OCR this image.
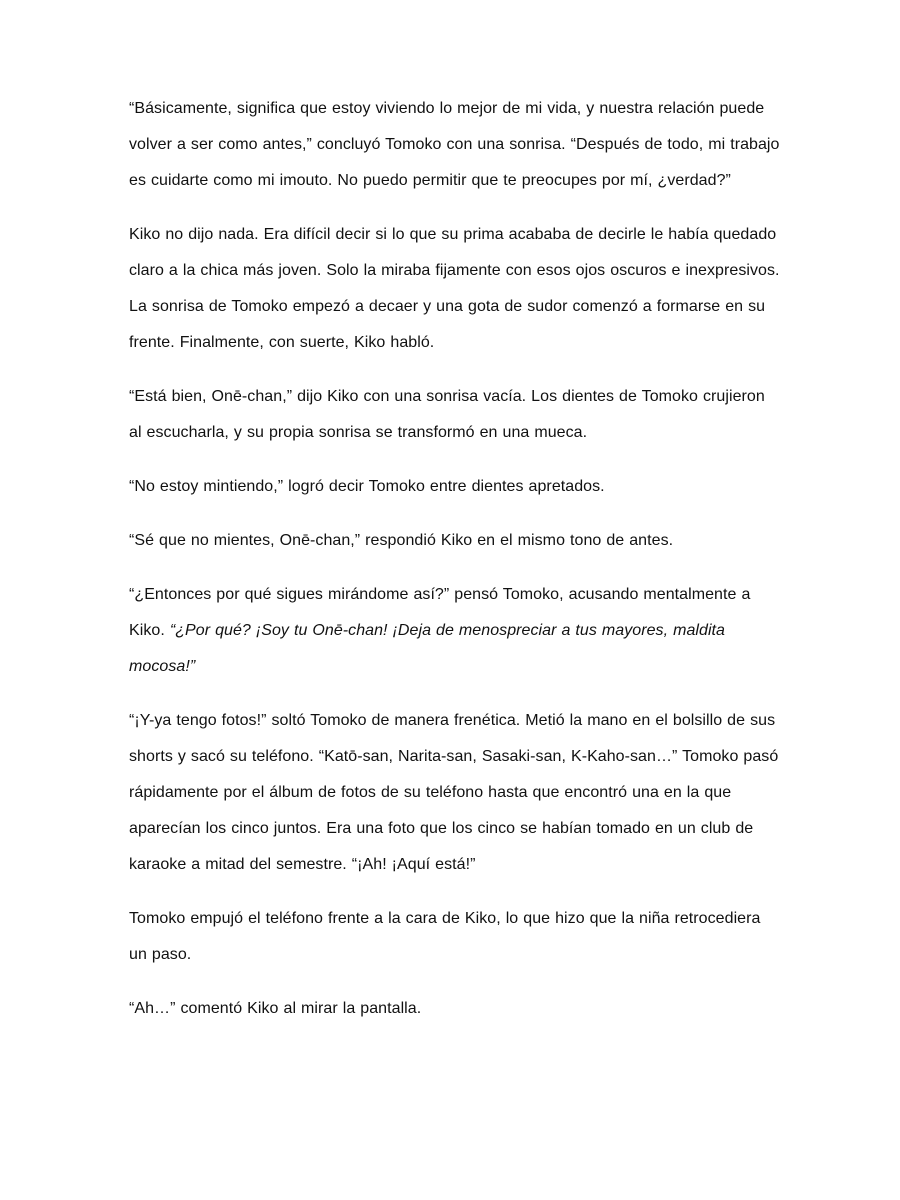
“Básicamente, significa que estoy viviendo lo mejor de mi vida, y nuestra relación puede volver a ser como antes,” concluyó Tomoko con una sonrisa. “Después de todo, mi trabajo es cuidarte como mi imouto. No puedo permitir que te preocupes por mí, ¿verdad?”

Kiko no dijo nada. Era difícil decir si lo que su prima acababa de decirle le había quedado claro a la chica más joven. Solo la miraba fijamente con esos ojos oscuros e inexpresivos. La sonrisa de Tomoko empezó a decaer y una gota de sudor comenzó a formarse en su frente. Finalmente, con suerte, Kiko habló.

“Está bien, Onē-chan,” dijo Kiko con una sonrisa vacía. Los dientes de Tomoko crujieron al escucharla, y su propia sonrisa se transformó en una mueca.

“No estoy mintiendo,” logró decir Tomoko entre dientes apretados.

“Sé que no mientes, Onē-chan,” respondió Kiko en el mismo tono de antes.

“¿Entonces por qué sigues mirándome así?” pensó Tomoko, acusando mentalmente a Kiko. “¿Por qué? ¡Soy tu Onē-chan! ¡Deja de menospreciar a tus mayores, maldita mocosa!”

“¡Y-ya tengo fotos!” soltó Tomoko de manera frenética. Metió la mano en el bolsillo de sus shorts y sacó su teléfono. “Katō-san, Narita-san, Sasaki-san, K-Kaho-san…” Tomoko pasó rápidamente por el álbum de fotos de su teléfono hasta que encontró una en la que aparecían los cinco juntos. Era una foto que los cinco se habían tomado en un club de karaoke a mitad del semestre. “¡Ah! ¡Aquí está!”

Tomoko empujó el teléfono frente a la cara de Kiko, lo que hizo que la niña retrocediera un paso.

“Ah…” comentó Kiko al mirar la pantalla.
